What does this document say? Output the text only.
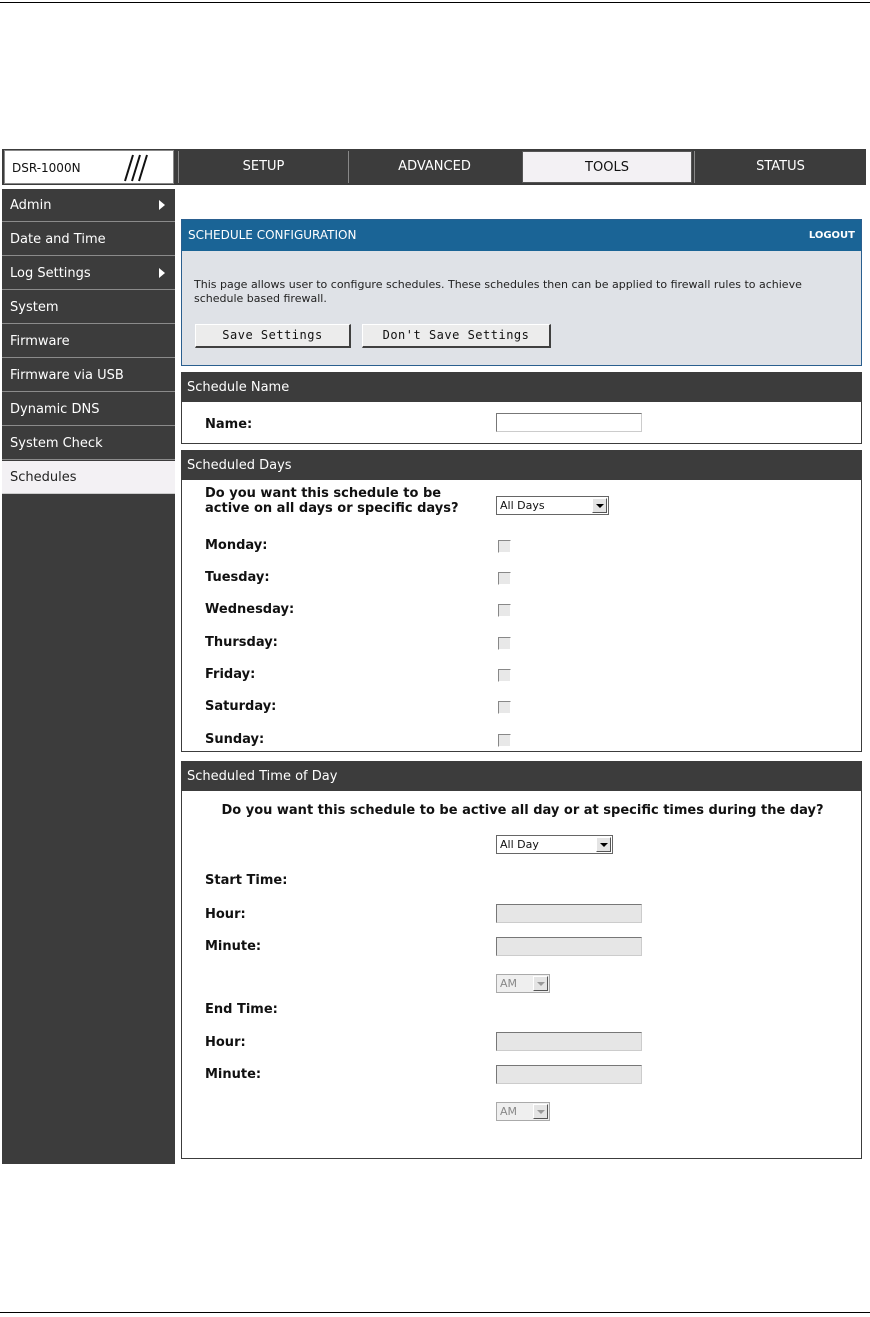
DSR-1000N	SETUP	ADVANCED	TOOLS	STATUS
Admin
Date and Time
Log Settings
System
Firmware
Firmware via USB
Dynamic DNS
System Check
Schedules
SCHEDULE CONFIGURATION	LOGOUT
This page allows user to configure schedules. These schedules then can be applied to firewall rules to achieve schedule based firewall.
Save Settings	Don't Save Settings
Schedule Name
Name:
Scheduled Days
Do you want this schedule to be
active on all days or specific days?	All Days
Monday:
Tuesday:
Wednesday:
Thursday:
Friday:
Saturday:
Sunday:
Scheduled Time of Day
Do you want this schedule to be active all day or at specific times during the day?
All Day
Start Time:
Hour:
Minute:
AM
End Time:
Hour:
Minute:
AM
